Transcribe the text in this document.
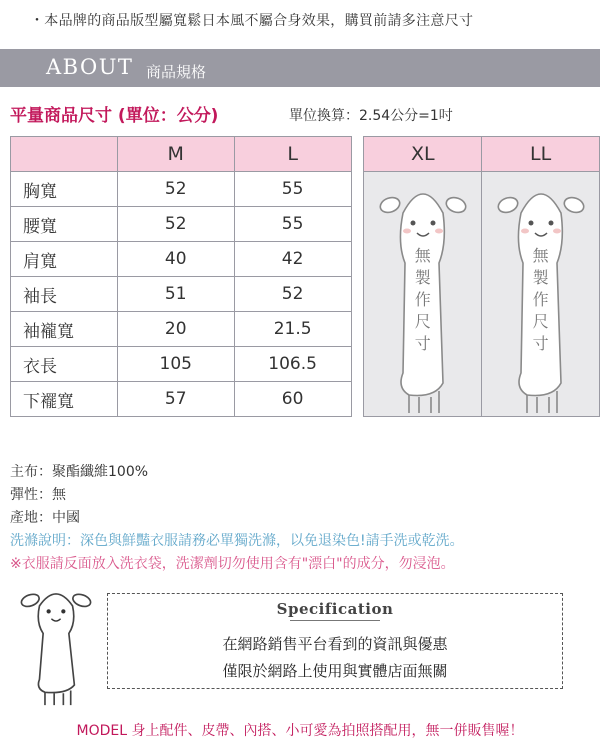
・本品牌的商品版型屬寬鬆日本風不屬合身效果，購買前請多注意尺寸
ABOUT 商品規格
平量商品尺寸 (單位：公分)	單位換算：2.54公分=1吋
	M	L		XL	LL
胸寬	52	55		無製作尺寸	無製作尺寸

腰寬	52	55			
肩寬	40	42			
袖長	51	52			
袖襱寬	20	21.5			
衣長	105	106.5			
下襬寬	57	60			
主布：聚酯纖維100%
彈性：無
產地：中國
洗滌說明：深色與鮮豔衣服請務必單獨洗滌，以免退染色!請手洗或乾洗。
※衣服請反面放入洗衣袋，洗潔劑切勿使用含有"漂白"的成分，勿浸泡。
Specification
在網路銷售平台看到的資訊與優惠
僅限於網路上使用與實體店面無關
MODEL 身上配件、皮帶、內搭、小可愛為拍照搭配用，無一併販售喔！
